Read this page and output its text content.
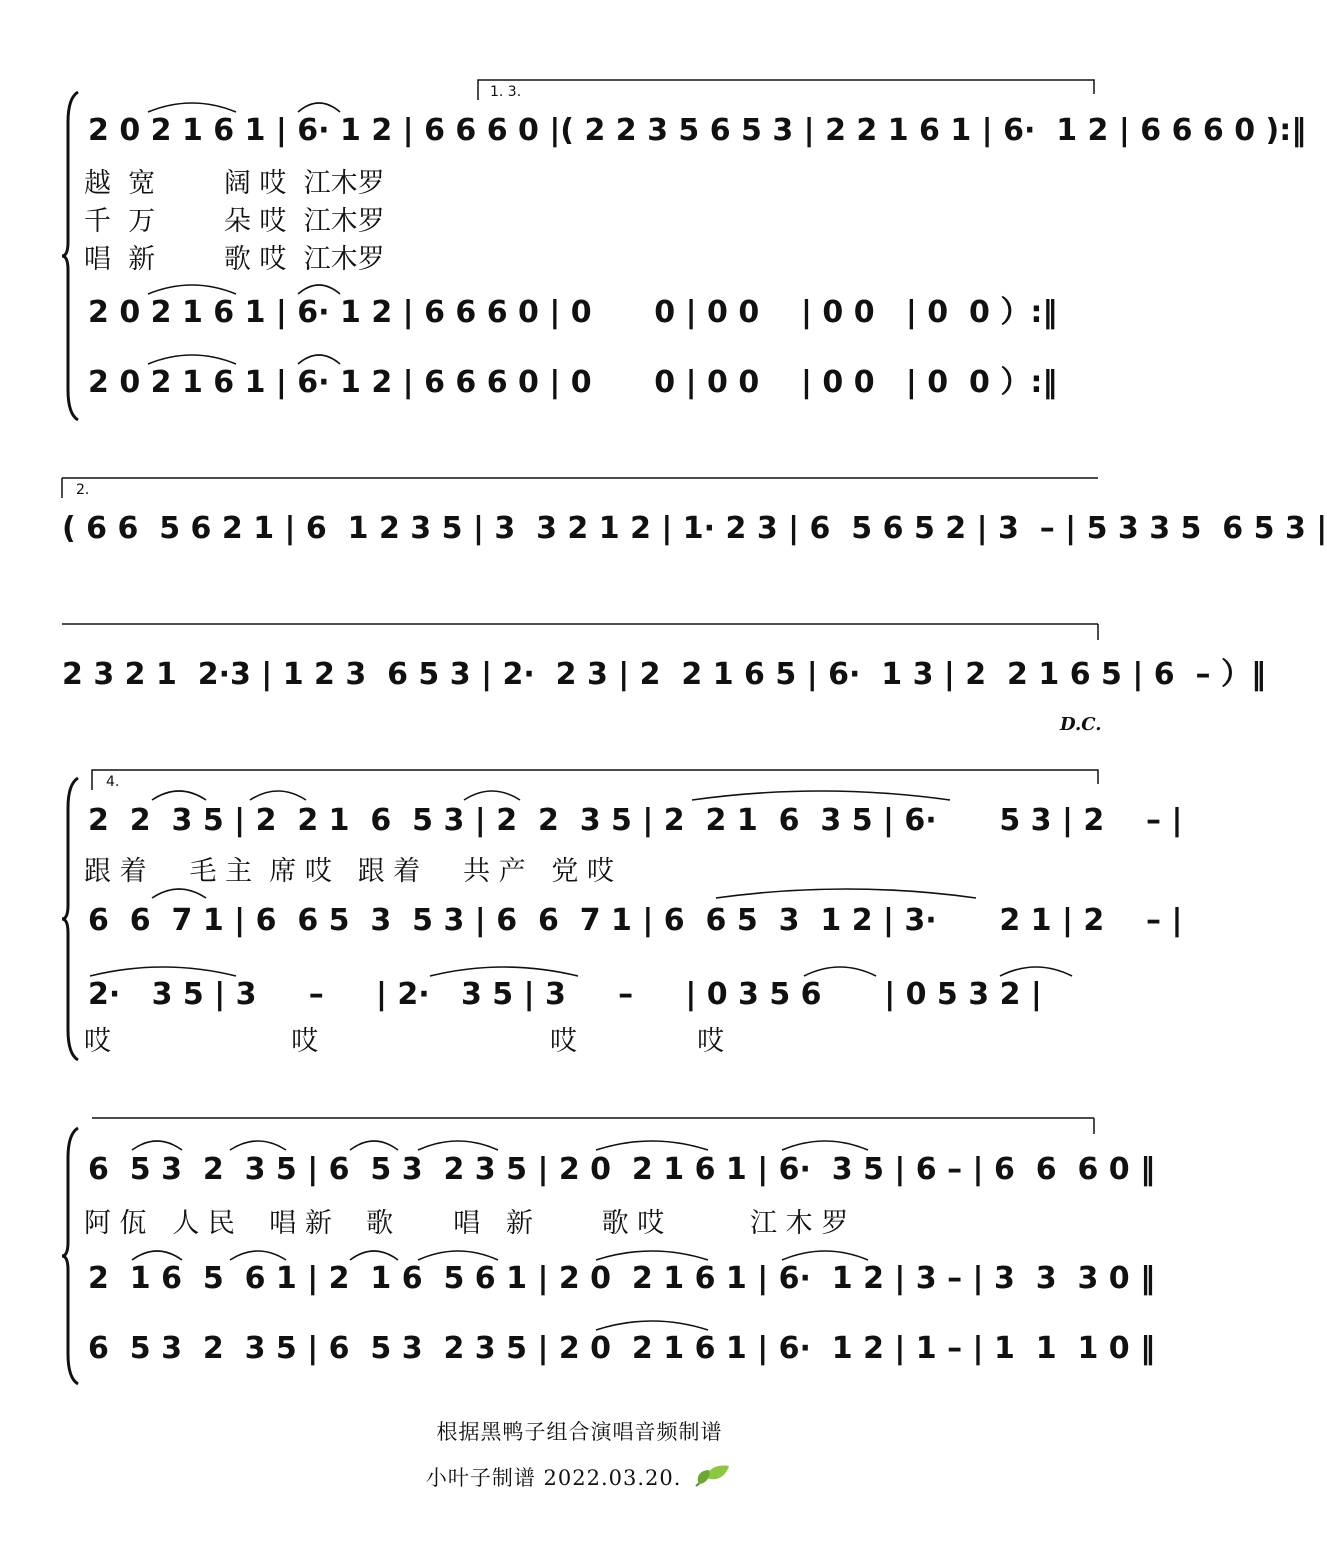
1. 3.
2 0 2 1 6 1 | 6· 1 2 | 6 6 6 0 |( 2 2 3 5 6 5 3 | 2 2 1 6 1 | 6·  1 2 | 6 6 6 0 ):‖
越  宽        阔 哎  江木罗
千  万        朵 哎  江木罗
唱  新        歌 哎  江木罗
2 0 2 1 6 1 | 6· 1 2 | 6 6 6 0 | 0      0 | 0 0    | 0 0   | 0  0 ）:‖
2 0 2 1 6 1 | 6· 1 2 | 6 6 6 0 | 0      0 | 0 0    | 0 0   | 0  0 ）:‖
2.
( 6 6  5 6 2 1 | 6  1 2 3 5 | 3  3 2 1 2 | 1· 2 3 | 6  5 6 5 2 | 3  – | 5 3 3 5  6 5 3 |
2 3 2 1  2·3 | 1 2 3  6 5 3 | 2·  2 3 | 2  2 1 6 5 | 6·  1 3 | 2  2 1 6 5 | 6  – ）‖
D.C.
4.
2  2  3 5 | 2  2 1  6  5 3 | 2  2  3 5 | 2  2 1  6  3 5 | 6·      5 3 | 2    – |
跟 着     毛 主  席 哎   跟 着     共 产   党 哎
6  6  7 1 | 6  6 5  3  5 3 | 6  6  7 1 | 6  6 5  3  1 2 | 3·      2 1 | 2    – |
2·   3 5 | 3     –     | 2·   3 5 | 3     –     | 0 3 5 6      | 0 5 3 2 |
哎                     哎                           哎              哎
6  5 3  2  3 5 | 6  5 3  2 3 5 | 2 0  2 1 6 1 | 6·  3 5 | 6 – | 6  6  6 0 ‖
阿 佤   人 民    唱 新    歌       唱   新        歌 哎          江 木 罗
2  1 6  5  6 1 | 2  1 6  5 6 1 | 2 0  2 1 6 1 | 6·  1 2 | 3 – | 3  3  3 0 ‖
6  5 3  2  3 5 | 6  5 3  2 3 5 | 2 0  2 1 6 1 | 6·  1 2 | 1 – | 1  1  1 0 ‖
根据黑鸭子组合演唱音频制谱
小叶子制谱 2022.03.20.
